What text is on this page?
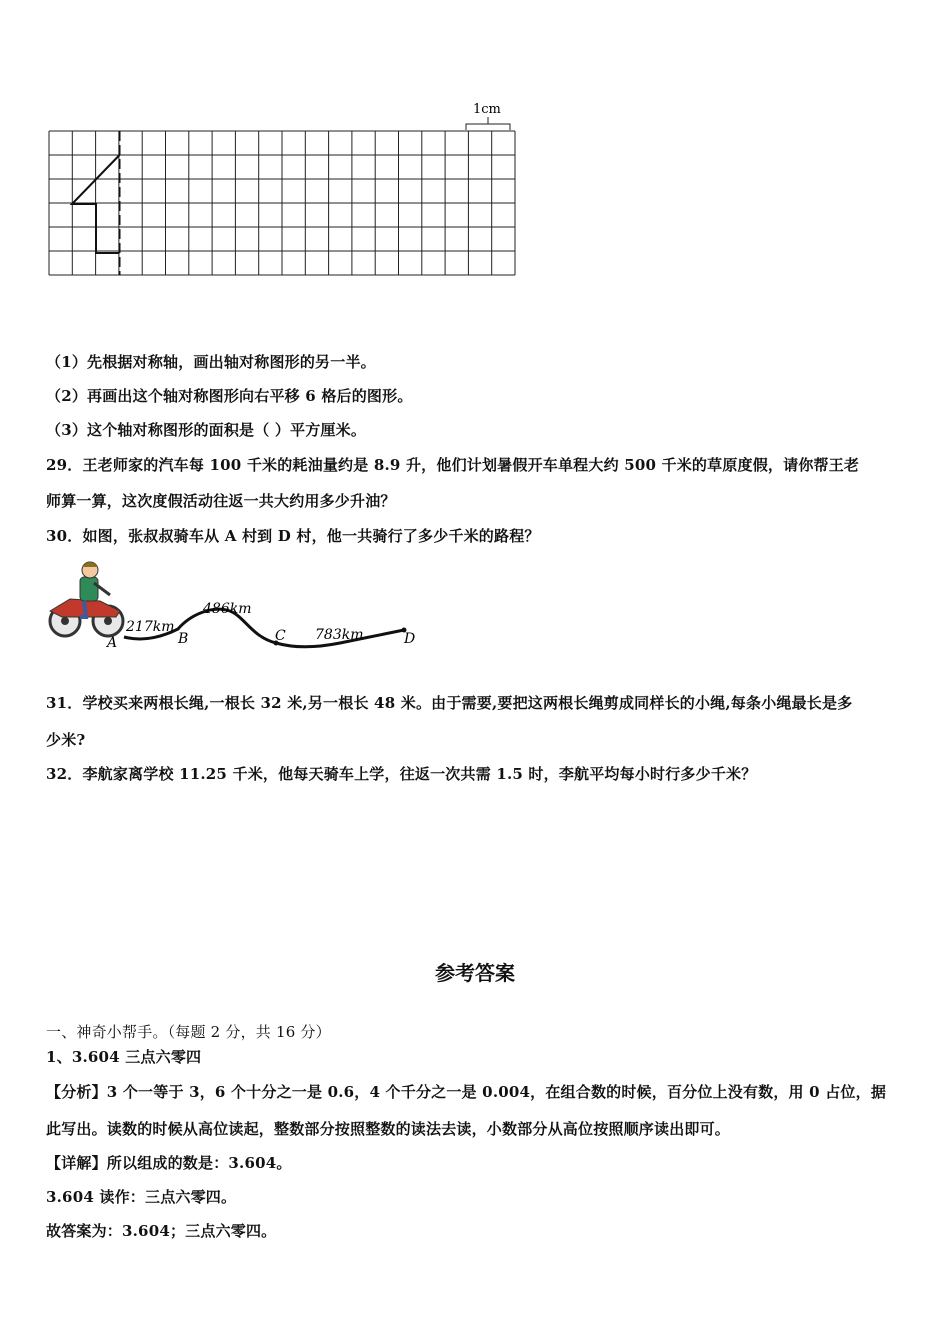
1cm
（1）先根据对称轴，画出轴对称图形的另一半。
（2）再画出这个轴对称图形向右平移 6 格后的图形。
（3）这个轴对称图形的面积是（ ）平方厘米。
29．王老师家的汽车每 100 千米的耗油量约是 8.9 升，他们计划暑假开车单程大约 500 千米的草原度假，请你帮王老
师算一算，这次度假活动往返一共大约用多少升油？
30．如图，张叔叔骑车从 A 村到 D 村，他一共骑行了多少千米的路程？
217km
486km
783km
A	B	C	D
31．学校买来两根长绳,一根长 32 米,另一根长 48 米。由于需要,要把这两根长绳剪成同样长的小绳,每条小绳最长是多
少米?
32．李航家离学校 11.25 千米，他每天骑车上学，往返一次共需 1.5 时，李航平均每小时行多少千米？
参考答案
一、神奇小帮手。（每题 2 分，共 16 分）
1、3.604 三点六零四
【分析】3 个一等于 3，6 个十分之一是 0.6，4 个千分之一是 0.004，在组合数的时候，百分位上没有数，用 0 占位，据
此写出。读数的时候从高位读起，整数部分按照整数的读法去读，小数部分从高位按照顺序读出即可。
【详解】所以组成的数是：3.604。
3.604 读作：三点六零四。
故答案为：3.604；三点六零四。
